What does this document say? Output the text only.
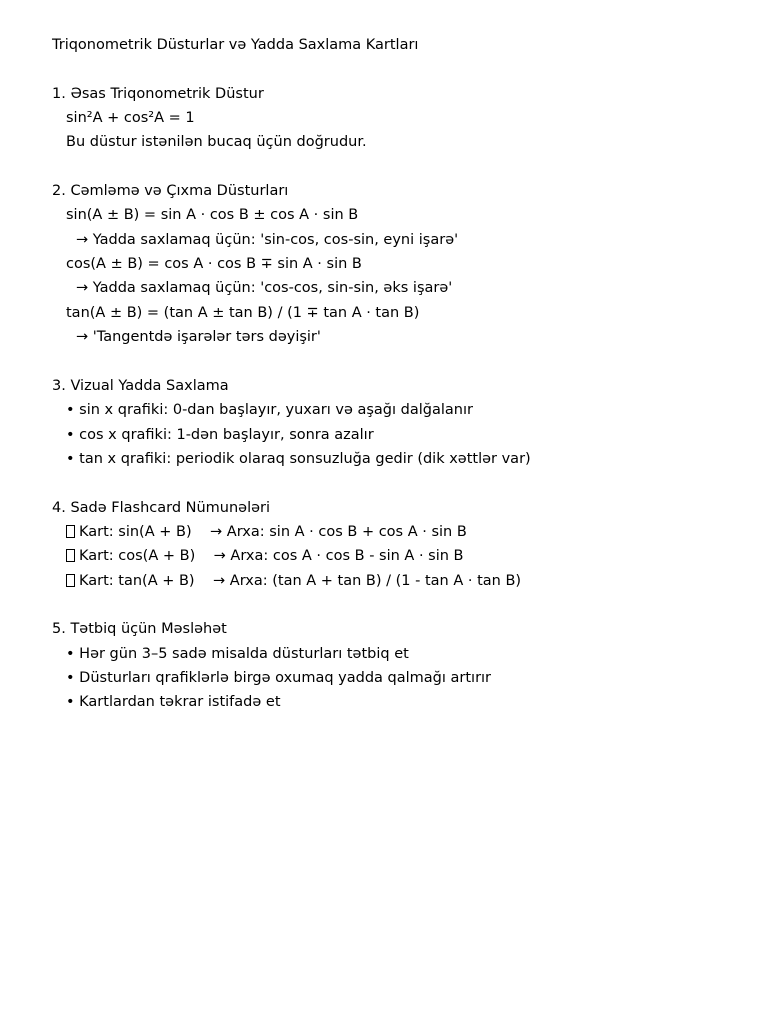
Triqonometrik Düsturlar və Yadda Saxlama Kartları
1. Əsas Triqonometrik Düstur
sin²A + cos²A = 1
Bu düstur istənilən bucaq üçün doğrudur.
2. Cəmləmə və Çıxma Düsturları
sin(A ± B) = sin A · cos B ± cos A · sin B
→ Yadda saxlamaq üçün: 'sin-cos, cos-sin, eyni işarə'
cos(A ± B) = cos A · cos B ∓ sin A · sin B
→ Yadda saxlamaq üçün: 'cos-cos, sin-sin, əks işarə'
tan(A ± B) = (tan A ± tan B) / (1 ∓ tan A · tan B)
→ 'Tangentdə işarələr tərs dəyişir'
3. Vizual Yadda Saxlama
• sin x qrafiki: 0-dan başlayır, yuxarı və aşağı dalğalanır
• cos x qrafiki: 1-dən başlayır, sonra azalır
• tan x qrafiki: periodik olaraq sonsuzluğa gedir (dik xəttlər var)
4. Sadə Flashcard Nümunələri
Kart: sin(A + B) → Arxa: sin A · cos B + cos A · sin B
Kart: cos(A + B) → Arxa: cos A · cos B - sin A · sin B
Kart: tan(A + B) → Arxa: (tan A + tan B) / (1 - tan A · tan B)
5. Tətbiq üçün Məsləhət
• Hər gün 3–5 sadə misalda düsturları tətbiq et
• Düsturları qrafiklərlə birgə oxumaq yadda qalmağı artırır
• Kartlardan təkrar istifadə et
